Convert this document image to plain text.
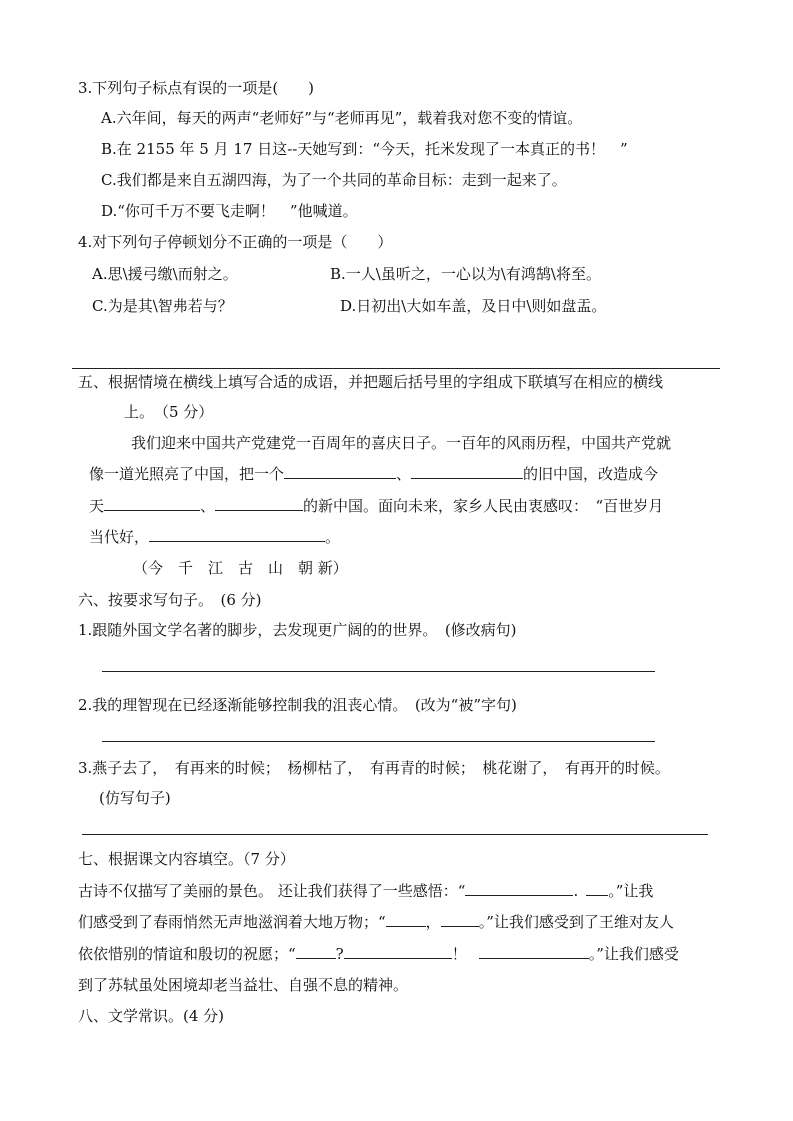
3.下列句子标点有误的一项是(　　)
A.六年间，每天的两声“老师好”与“老师再见”，载着我对您不变的情谊。
B.在 2155 年 5 月 17 日这--天她写到：“今天，托米发现了一本真正的书！　”
C.我们都是来自五湖四海，为了一个共同的革命目标：走到一起来了。
D.“你可千万不要飞走啊！　”他喊道。
4.对下列句子停顿划分不正确的一项是（　　）
A.思\援弓缴\而射之。	B.一人\虽听之，一心以为\有鸿鹄\将至。
C.为是其\智弗若与？	D.日初出\大如车盖，及日中\则如盘盂。
五、根据情境在横线上填写合适的成语，并把题后括号里的字组成下联填写在相应的横线
上。　（5 分）
我们迎来中国共产党建党一百周年的喜庆日子。一百年的风雨历程，中国共产党就
像一道光照亮了中国，把一个	、	的旧中国，改造成今
天	、	的新中国。面向未来，家乡人民由衷感叹：　“百世岁月
当代好，	。
（今　千　江　古　山　朝 新）
六、按要求写句子。　(6 分)
1.跟随外国文学名著的脚步，去发现更广阔的的世界。　(修改病句)
2.我的理智现在已经逐渐能够控制我的沮丧心情。　(改为“被”字句)
3.燕子去了，　有再来的时候；　杨柳枯了，　有再青的时候；　桃花谢了，　有再开的时候。
(仿写句子)
七、根据课文内容填空。（7 分）
古诗不仅描写了美丽的景色。 还让我们获得了一些感悟：“	. 。”让我
们感受到了春雨悄然无声地滋润着大地万物；“	，	。”让我们感受到了王维对友人
依依惜别的情谊和殷切的祝愿；“	?	！	。”让我们感受
到了苏轼虽处困境却老当益壮、自强不息的精神。
八、文学常识。(4 分)
